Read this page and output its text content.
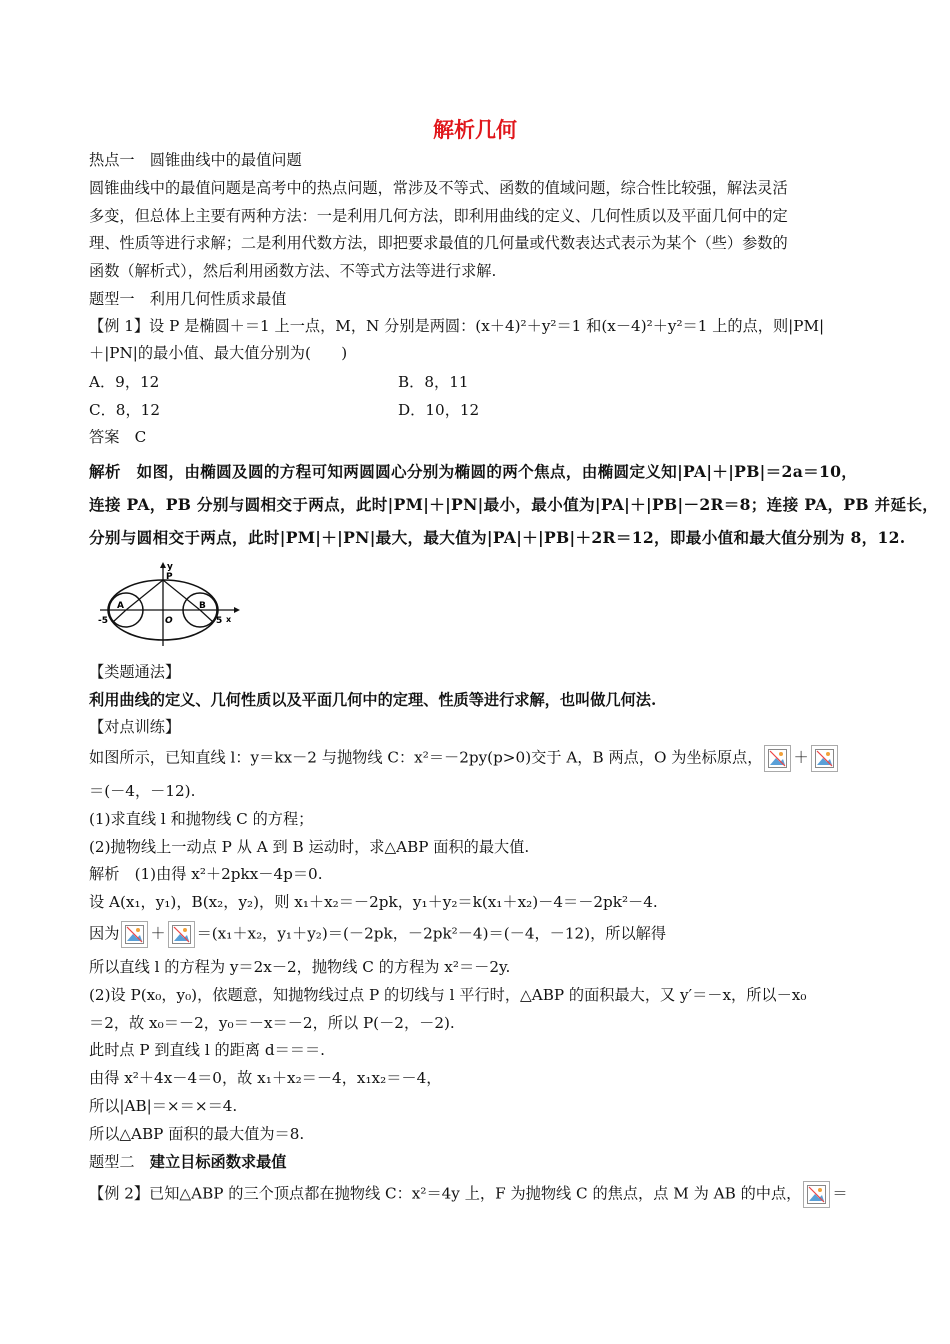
解析几何
热点一　圆锥曲线中的最值问题
圆锥曲线中的最值问题是高考中的热点问题，常涉及不等式、函数的值域问题，综合性比较强，解法灵活
多变，但总体上主要有两种方法：一是利用几何方法，即利用曲线的定义、几何性质以及平面几何中的定
理、性质等进行求解；二是利用代数方法，即把要求最值的几何量或代数表达式表示为某个（些）参数的
函数（解析式），然后利用函数方法、不等式方法等进行求解.
题型一　利用几何性质求最值
【例 1】设 P 是椭圆＋＝1 上一点，M，N 分别是两圆：(x＋4)²＋y²＝1 和(x－4)²＋y²＝1 上的点，则|PM|
＋|PN|的最小值、最大值分别为(　　)
A．9，12	B．8，11
C．8，12	D．10，12
答案　C
解析　如图，由椭圆及圆的方程可知两圆圆心分别为椭圆的两个焦点，由椭圆定义知|PA|＋|PB|＝2a＝10，
连接 PA，PB 分别与圆相交于两点，此时|PM|＋|PN|最小，最小值为|PA|＋|PB|－2R＝8；连接 PA，PB 并延长，
分别与圆相交于两点，此时|PM|＋|PN|最大，最大值为|PA|＋|PB|＋2R＝12，即最小值和最大值分别为 8，12.
y
P
A	B
O
-5	5 x
【类题通法】
利用曲线的定义、几何性质以及平面几何中的定理、性质等进行求解，也叫做几何法.
【对点训练】
如图所示，已知直线 l：y＝kx－2 与抛物线 C：x²＝－2py(p>0)交于 A，B 两点，O 为坐标原点， ＋
＝(－4，－12).
(1)求直线 l 和抛物线 C 的方程；
(2)抛物线上一动点 P 从 A 到 B 运动时，求△ABP 面积的最大值.
解析　(1)由得 x²＋2pkx－4p＝0.
设 A(x₁，y₁)，B(x₂，y₂)，则 x₁＋x₂＝－2pk，y₁＋y₂＝k(x₁＋x₂)－4＝－2pk²－4.
因为 ＋ ＝(x₁＋x₂，y₁＋y₂)＝(－2pk，－2pk²－4)＝(－4，－12)，所以解得
所以直线 l 的方程为 y＝2x－2，抛物线 C 的方程为 x²＝－2y.
(2)设 P(x₀，y₀)，依题意，知抛物线过点 P 的切线与 l 平行时，△ABP 的面积最大，又 y′＝－x，所以－x₀
＝2，故 x₀＝－2，y₀＝－x＝－2，所以 P(－2，－2).
此时点 P 到直线 l 的距离 d＝＝＝.
由得 x²＋4x－4＝0，故 x₁＋x₂＝－4，x₁x₂＝－4，
所以|AB|＝×＝×＝4.
所以△ABP 面积的最大值为＝8.
题型二　建立目标函数求最值
【例 2】已知△ABP 的三个顶点都在抛物线 C：x²＝4y 上，F 为抛物线 C 的焦点，点 M 为 AB 的中点， ＝
